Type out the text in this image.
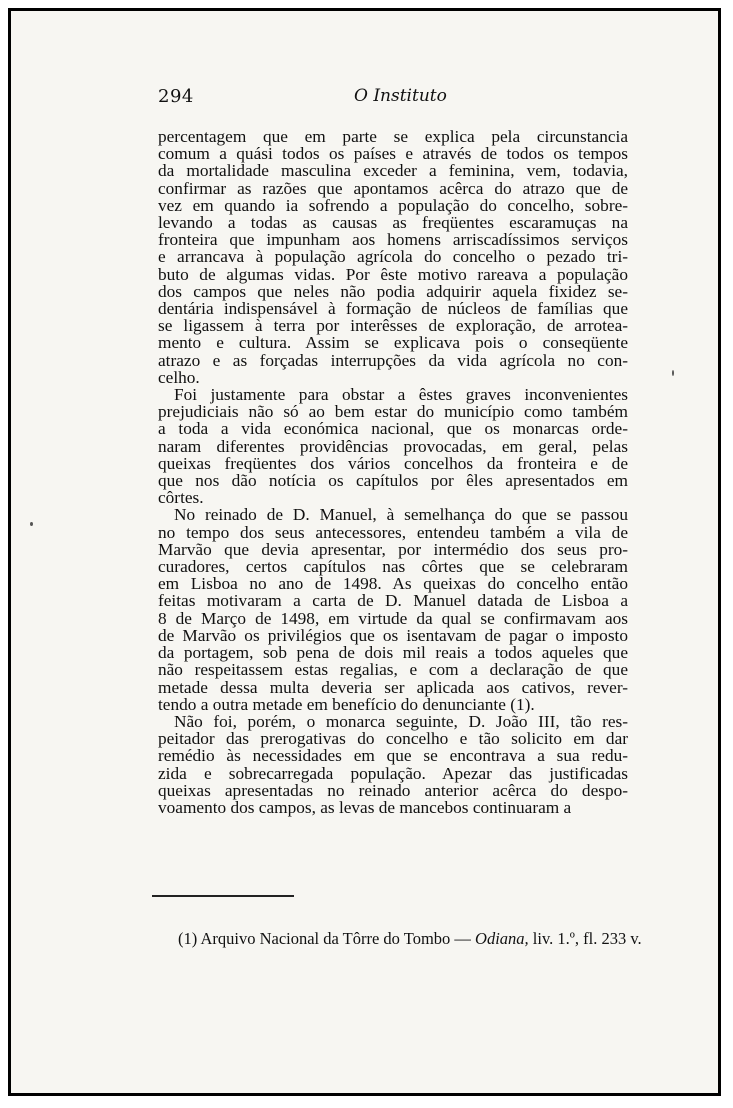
294	O Instituto
percentagem que em parte se explica pela circunstancia
comum a quási todos os países e através de todos os tempos
da mortalidade masculina exceder a feminina, vem, todavia,
confirmar as razões que apontamos acêrca do atrazo que de
vez em quando ia sofrendo a população do concelho, sobre-
levando a todas as causas as freqüentes escaramuças na
fronteira que impunham aos homens arriscadíssimos serviços
e arrancava à população agrícola do concelho o pezado tri-
buto de algumas vidas. Por êste motivo rareava a população
dos campos que neles não podia adquirir aquela fixidez se-
dentária indispensável à formação de núcleos de famílias que
se ligassem à terra por interêsses de exploração, de arrotea-
mento e cultura. Assim se explicava pois o conseqüente
atrazo e as forçadas interrupções da vida agrícola no con-
celho.
Foi justamente para obstar a êstes graves inconvenientes
prejudiciais não só ao bem estar do município como também
a toda a vida económica nacional, que os monarcas orde-
naram diferentes providências provocadas, em geral, pelas
queixas freqüentes dos vários concelhos da fronteira e de
que nos dão notícia os capítulos por êles apresentados em
côrtes.
No reinado de D. Manuel, à semelhança do que se passou
no tempo dos seus antecessores, entendeu também a vila de
Marvão que devia apresentar, por intermédio dos seus pro-
curadores, certos capítulos nas côrtes que se celebraram
em Lisboa no ano de 1498. As queixas do concelho então
feitas motivaram a carta de D. Manuel datada de Lisboa a
8 de Março de 1498, em virtude da qual se confirmavam aos
de Marvão os privilégios que os isentavam de pagar o imposto
da portagem, sob pena de dois mil reais a todos aqueles que
não respeitassem estas regalias, e com a declaração de que
metade dessa multa deveria ser aplicada aos cativos, rever-
tendo a outra metade em benefício do denunciante (1).
Não foi, porém, o monarca seguinte, D. João III, tão res-
peitador das prerogativas do concelho e tão solicito em dar
remédio às necessidades em que se encontrava a sua redu-
zida e sobrecarregada população. Apezar das justificadas
queixas apresentadas no reinado anterior acêrca do despo-
voamento dos campos, as levas de mancebos continuaram a
(1) Arquivo Nacional da Tôrre do Tombo — Odiana, liv. 1.º, fl. 233 v.
